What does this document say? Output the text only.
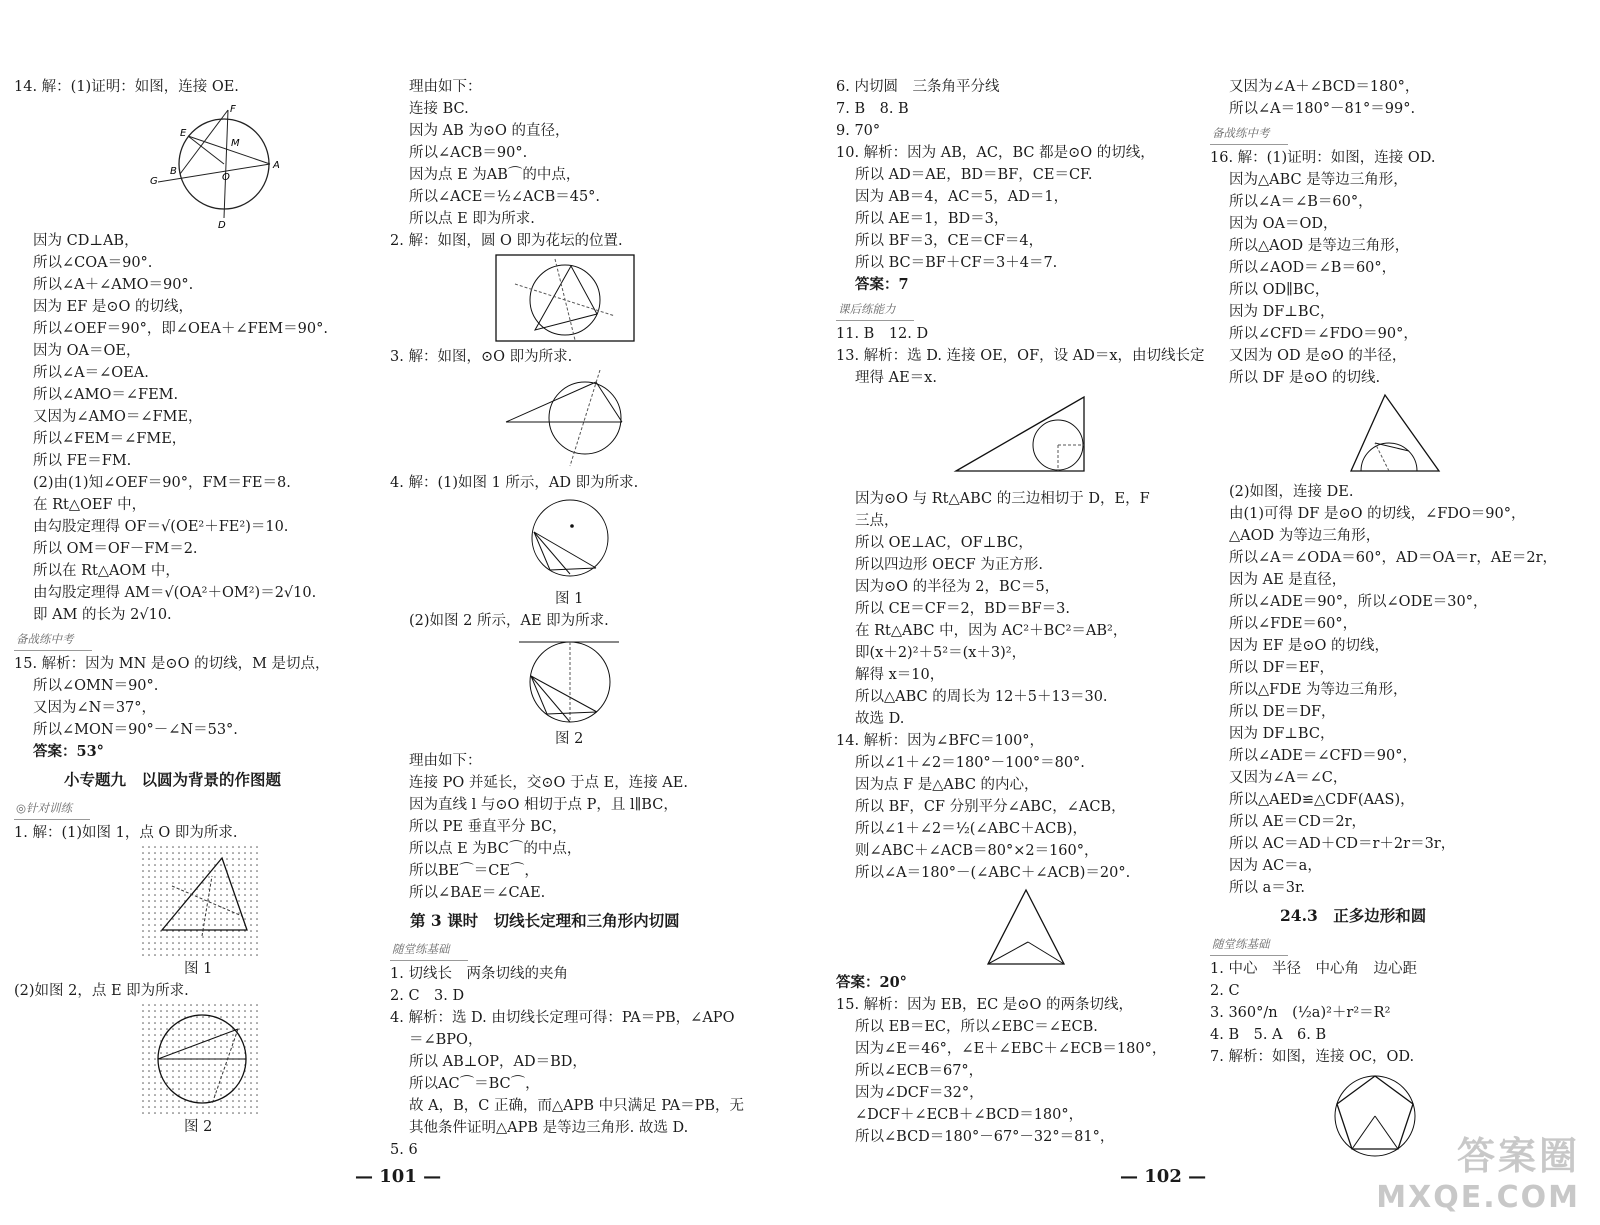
14. 解：(1)证明：如图，连接 OE.

F
E
M
G
B
O
A
D

因为 CD⊥AB，

所以∠COA＝90°.

所以∠A＋∠AMO＝90°.

因为 EF 是⊙O 的切线，

所以∠OEF＝90°，即∠OEA＋∠FEM＝90°.

因为 OA＝OE，

所以∠A＝∠OEA.

所以∠AMO＝∠FEM.

又因为∠AMO＝∠FME，

所以∠FEM＝∠FME，

所以 FE＝FM.

(2)由(1)知∠OEF＝90°，FM＝FE＝8.

在 Rt△OEF 中，

由勾股定理得 OF＝√(OE²＋FE²)＝10.

所以 OM＝OF－FM＝2.

所以在 Rt△AOM 中，

由勾股定理得 AM＝√(OA²＋OM²)＝2√10.

即 AM 的长为 2√10.

备战练中考

15. 解析：因为 MN 是⊙O 的切线，M 是切点，

所以∠OMN＝90°.

又因为∠N＝37°，

所以∠MON＝90°－∠N＝53°.

答案：53°

小专题九　以圆为背景的作图题

◎针对训练

1. 解：(1)如图 1，点 O 即为所求.

图 1

(2)如图 2，点 E 即为所求.

图 2

理由如下：

连接 BC.

因为 AB 为⊙O 的直径，

所以∠ACB＝90°.

因为点 E 为AB⌒的中点，

所以∠ACE＝½∠ACB＝45°.

所以点 E 即为所求.

2. 解：如图，圆 O 即为花坛的位置.

3. 解：如图，⊙O 即为所求.

4. 解：(1)如图 1 所示，AD 即为所求.

图 1

(2)如图 2 所示，AE 即为所求.

图 2

理由如下：

连接 PO 并延长，交⊙O 于点 E，连接 AE.

因为直线 l 与⊙O 相切于点 P，且 l∥BC，

所以 PE 垂直平分 BC，

所以点 E 为BC⌒的中点，

所以BE⌒＝CE⌒，

所以∠BAE＝∠CAE.

第 3 课时　切线长定理和三角形内切圆

随堂练基础

1. 切线长　两条切线的夹角

2. C　3. D

4. 解析：选 D. 由切线长定理可得：PA＝PB，∠APO

＝∠BPO，

所以 AB⊥OP，AD＝BD，

所以AC⌒＝BC⌒，

故 A，B，C 正确，而△APB 中只满足 PA＝PB，无

其他条件证明△APB 是等边三角形. 故选 D.

5. 6

— 101 —

6. 内切圆　三条角平分线

7. B　8. B

9. 70°

10. 解析：因为 AB，AC，BC 都是⊙O 的切线，

所以 AD＝AE，BD＝BF，CE＝CF.

因为 AB＝4，AC＝5，AD＝1，

所以 AE＝1，BD＝3，

所以 BF＝3，CE＝CF＝4，

所以 BC＝BF＋CF＝3＋4＝7.

答案：7

课后练能力

11. B　12. D

13. 解析：选 D. 连接 OE，OF，设 AD＝x，由切线长定

理得 AE＝x.

因为⊙O 与 Rt△ABC 的三边相切于 D，E，F

三点，

所以 OE⊥AC，OF⊥BC，

所以四边形 OECF 为正方形.

因为⊙O 的半径为 2，BC＝5，

所以 CE＝CF＝2，BD＝BF＝3.

在 Rt△ABC 中，因为 AC²＋BC²＝AB²，

即(x＋2)²＋5²＝(x＋3)²，

解得 x＝10，

所以△ABC 的周长为 12＋5＋13＝30.

故选 D.

14. 解析：因为∠BFC＝100°，

所以∠1＋∠2＝180°－100°＝80°.

因为点 F 是△ABC 的内心，

所以 BF，CF 分别平分∠ABC，∠ACB，

所以∠1＋∠2＝½(∠ABC＋ACB)，

则∠ABC＋∠ACB＝80°×2＝160°，

所以∠A＝180°－(∠ABC＋∠ACB)＝20°.

答案：20°

15. 解析：因为 EB，EC 是⊙O 的两条切线，

所以 EB＝EC，所以∠EBC＝∠ECB.

因为∠E＝46°，∠E＋∠EBC＋∠ECB＝180°，

所以∠ECB＝67°，

因为∠DCF＝32°，

∠DCF＋∠ECB＋∠BCD＝180°，

所以∠BCD＝180°－67°－32°＝81°，

— 102 —

又因为∠A＋∠BCD＝180°，

所以∠A＝180°－81°＝99°.

备战练中考

16. 解：(1)证明：如图，连接 OD.

因为△ABC 是等边三角形，

所以∠A＝∠B＝60°，

因为 OA＝OD，

所以△AOD 是等边三角形，

所以∠AOD＝∠B＝60°，

所以 OD∥BC，

因为 DF⊥BC，

所以∠CFD＝∠FDO＝90°，

又因为 OD 是⊙O 的半径，

所以 DF 是⊙O 的切线.

(2)如图，连接 DE.

由(1)可得 DF 是⊙O 的切线，∠FDO＝90°，

△AOD 为等边三角形，

所以∠A＝∠ODA＝60°，AD＝OA＝r，AE＝2r，

因为 AE 是直径，

所以∠ADE＝90°，所以∠ODE＝30°，

所以∠FDE＝60°，

因为 EF 是⊙O 的切线，

所以 DF＝EF，

所以△FDE 为等边三角形，

所以 DE＝DF，

因为 DF⊥BC，

所以∠ADE＝∠CFD＝90°，

又因为∠A＝∠C，

所以△AED≌△CDF(AAS)，

所以 AE＝CD＝2r，

所以 AC＝AD＋CD＝r＋2r＝3r，

因为 AC＝a，

所以 a＝3r.

24.3　正多边形和圆

随堂练基础

1. 中心　半径　中心角　边心距

2. C

3. 360°/n　(½a)²＋r²＝R²

4. B　5. A　6. B

7. 解析：如图，连接 OC，OD.

答案圈
MXQE.COM
